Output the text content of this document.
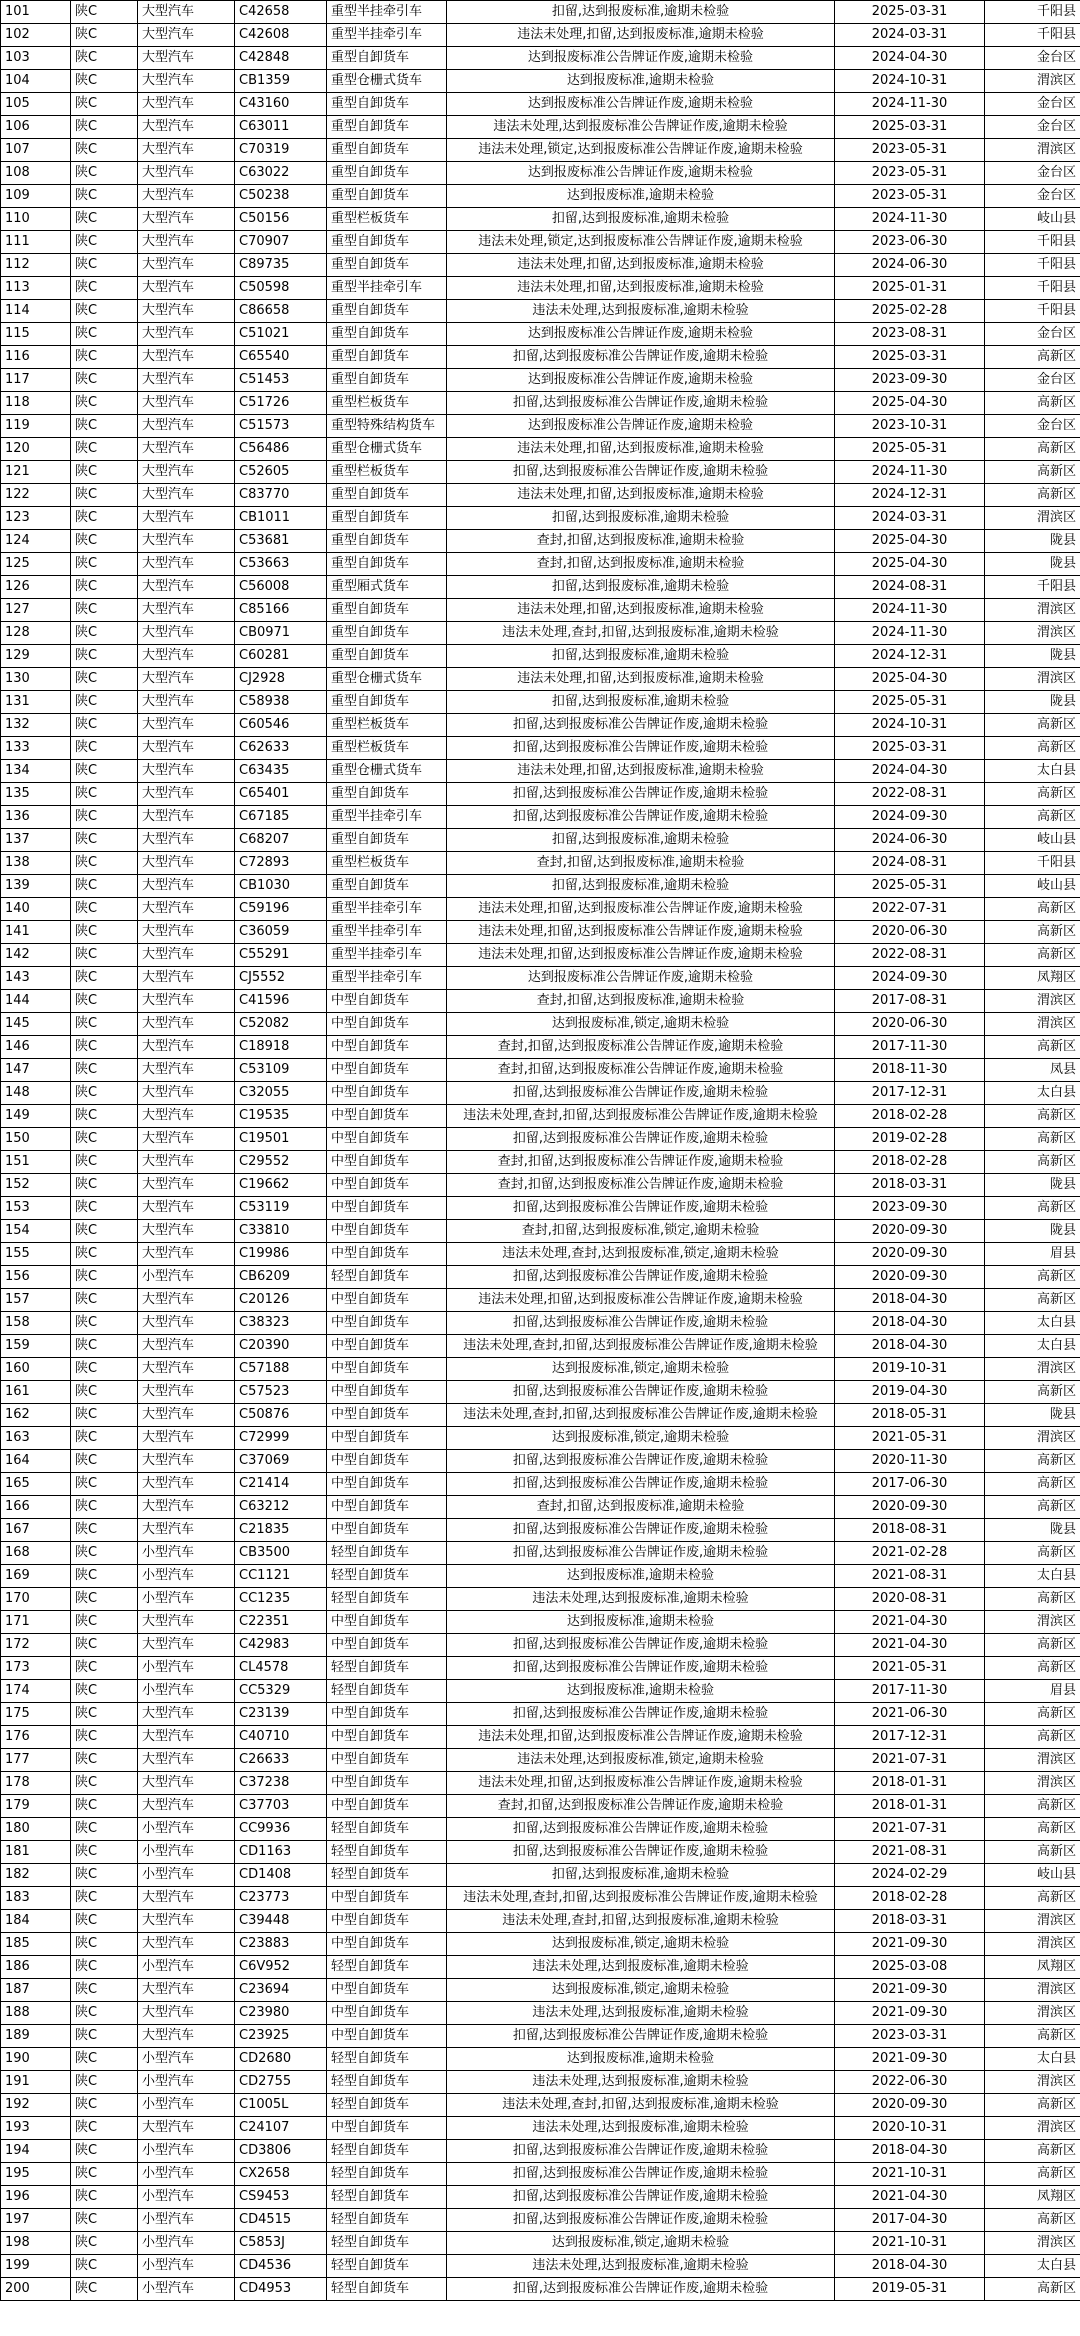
101	陕C	大型汽车	C42658	重型半挂牵引车	扣留,达到报废标准,逾期未检验	2025-03-31	千阳县
102	陕C	大型汽车	C42608	重型半挂牵引车	违法未处理,扣留,达到报废标准,逾期未检验	2024-03-31	千阳县
103	陕C	大型汽车	C42848	重型自卸货车	达到报废标准公告牌证作废,逾期未检验	2024-04-30	金台区
104	陕C	大型汽车	CB1359	重型仓栅式货车	达到报废标准,逾期未检验	2024-10-31	渭滨区
105	陕C	大型汽车	C43160	重型自卸货车	达到报废标准公告牌证作废,逾期未检验	2024-11-30	金台区
106	陕C	大型汽车	C63011	重型自卸货车	违法未处理,达到报废标准公告牌证作废,逾期未检验	2025-03-31	金台区
107	陕C	大型汽车	C70319	重型自卸货车	违法未处理,锁定,达到报废标准公告牌证作废,逾期未检验	2023-05-31	渭滨区
108	陕C	大型汽车	C63022	重型自卸货车	达到报废标准公告牌证作废,逾期未检验	2023-05-31	金台区
109	陕C	大型汽车	C50238	重型自卸货车	达到报废标准,逾期未检验	2023-05-31	金台区
110	陕C	大型汽车	C50156	重型栏板货车	扣留,达到报废标准,逾期未检验	2024-11-30	岐山县
111	陕C	大型汽车	C70907	重型自卸货车	违法未处理,锁定,达到报废标准公告牌证作废,逾期未检验	2023-06-30	千阳县
112	陕C	大型汽车	C89735	重型自卸货车	违法未处理,扣留,达到报废标准,逾期未检验	2024-06-30	千阳县
113	陕C	大型汽车	C50598	重型半挂牵引车	违法未处理,扣留,达到报废标准,逾期未检验	2025-01-31	千阳县
114	陕C	大型汽车	C86658	重型自卸货车	违法未处理,达到报废标准,逾期未检验	2025-02-28	千阳县
115	陕C	大型汽车	C51021	重型自卸货车	达到报废标准公告牌证作废,逾期未检验	2023-08-31	金台区
116	陕C	大型汽车	C65540	重型自卸货车	扣留,达到报废标准公告牌证作废,逾期未检验	2025-03-31	高新区
117	陕C	大型汽车	C51453	重型自卸货车	达到报废标准公告牌证作废,逾期未检验	2023-09-30	金台区
118	陕C	大型汽车	C51726	重型栏板货车	扣留,达到报废标准公告牌证作废,逾期未检验	2025-04-30	高新区
119	陕C	大型汽车	C51573	重型特殊结构货车	达到报废标准公告牌证作废,逾期未检验	2023-10-31	金台区
120	陕C	大型汽车	C56486	重型仓栅式货车	违法未处理,扣留,达到报废标准,逾期未检验	2025-05-31	高新区
121	陕C	大型汽车	C52605	重型栏板货车	扣留,达到报废标准公告牌证作废,逾期未检验	2024-11-30	高新区
122	陕C	大型汽车	C83770	重型自卸货车	违法未处理,扣留,达到报废标准,逾期未检验	2024-12-31	高新区
123	陕C	大型汽车	CB1011	重型自卸货车	扣留,达到报废标准,逾期未检验	2024-03-31	渭滨区
124	陕C	大型汽车	C53681	重型自卸货车	查封,扣留,达到报废标准,逾期未检验	2025-04-30	陇县
125	陕C	大型汽车	C53663	重型自卸货车	查封,扣留,达到报废标准,逾期未检验	2025-04-30	陇县
126	陕C	大型汽车	C56008	重型厢式货车	扣留,达到报废标准,逾期未检验	2024-08-31	千阳县
127	陕C	大型汽车	C85166	重型自卸货车	违法未处理,扣留,达到报废标准,逾期未检验	2024-11-30	渭滨区
128	陕C	大型汽车	CB0971	重型自卸货车	违法未处理,查封,扣留,达到报废标准,逾期未检验	2024-11-30	渭滨区
129	陕C	大型汽车	C60281	重型自卸货车	扣留,达到报废标准,逾期未检验	2024-12-31	陇县
130	陕C	大型汽车	CJ2928	重型仓栅式货车	违法未处理,扣留,达到报废标准,逾期未检验	2025-04-30	渭滨区
131	陕C	大型汽车	C58938	重型自卸货车	扣留,达到报废标准,逾期未检验	2025-05-31	陇县
132	陕C	大型汽车	C60546	重型栏板货车	扣留,达到报废标准公告牌证作废,逾期未检验	2024-10-31	高新区
133	陕C	大型汽车	C62633	重型栏板货车	扣留,达到报废标准公告牌证作废,逾期未检验	2025-03-31	高新区
134	陕C	大型汽车	C63435	重型仓栅式货车	违法未处理,扣留,达到报废标准,逾期未检验	2024-04-30	太白县
135	陕C	大型汽车	C65401	重型自卸货车	扣留,达到报废标准公告牌证作废,逾期未检验	2022-08-31	高新区
136	陕C	大型汽车	C67185	重型半挂牵引车	扣留,达到报废标准公告牌证作废,逾期未检验	2024-09-30	高新区
137	陕C	大型汽车	C68207	重型自卸货车	扣留,达到报废标准,逾期未检验	2024-06-30	岐山县
138	陕C	大型汽车	C72893	重型栏板货车	查封,扣留,达到报废标准,逾期未检验	2024-08-31	千阳县
139	陕C	大型汽车	CB1030	重型自卸货车	扣留,达到报废标准,逾期未检验	2025-05-31	岐山县
140	陕C	大型汽车	C59196	重型半挂牵引车	违法未处理,扣留,达到报废标准公告牌证作废,逾期未检验	2022-07-31	高新区
141	陕C	大型汽车	C36059	重型半挂牵引车	违法未处理,扣留,达到报废标准公告牌证作废,逾期未检验	2020-06-30	高新区
142	陕C	大型汽车	C55291	重型半挂牵引车	违法未处理,扣留,达到报废标准公告牌证作废,逾期未检验	2022-08-31	高新区
143	陕C	大型汽车	CJ5552	重型半挂牵引车	达到报废标准公告牌证作废,逾期未检验	2024-09-30	凤翔区
144	陕C	大型汽车	C41596	中型自卸货车	查封,扣留,达到报废标准,逾期未检验	2017-08-31	渭滨区
145	陕C	大型汽车	C52082	中型自卸货车	达到报废标准,锁定,逾期未检验	2020-06-30	渭滨区
146	陕C	大型汽车	C18918	中型自卸货车	查封,扣留,达到报废标准公告牌证作废,逾期未检验	2017-11-30	高新区
147	陕C	大型汽车	C53109	中型自卸货车	查封,扣留,达到报废标准公告牌证作废,逾期未检验	2018-11-30	凤县
148	陕C	大型汽车	C32055	中型自卸货车	扣留,达到报废标准公告牌证作废,逾期未检验	2017-12-31	太白县
149	陕C	大型汽车	C19535	中型自卸货车	违法未处理,查封,扣留,达到报废标准公告牌证作废,逾期未检验	2018-02-28	高新区
150	陕C	大型汽车	C19501	中型自卸货车	扣留,达到报废标准公告牌证作废,逾期未检验	2019-02-28	高新区
151	陕C	大型汽车	C29552	中型自卸货车	查封,扣留,达到报废标准公告牌证作废,逾期未检验	2018-02-28	高新区
152	陕C	大型汽车	C19662	中型自卸货车	查封,扣留,达到报废标准公告牌证作废,逾期未检验	2018-03-31	陇县
153	陕C	大型汽车	C53119	中型自卸货车	扣留,达到报废标准公告牌证作废,逾期未检验	2023-09-30	高新区
154	陕C	大型汽车	C33810	中型自卸货车	查封,扣留,达到报废标准,锁定,逾期未检验	2020-09-30	陇县
155	陕C	大型汽车	C19986	中型自卸货车	违法未处理,查封,达到报废标准,锁定,逾期未检验	2020-09-30	眉县
156	陕C	小型汽车	CB6209	轻型自卸货车	扣留,达到报废标准公告牌证作废,逾期未检验	2020-09-30	高新区
157	陕C	大型汽车	C20126	中型自卸货车	违法未处理,扣留,达到报废标准公告牌证作废,逾期未检验	2018-04-30	高新区
158	陕C	大型汽车	C38323	中型自卸货车	扣留,达到报废标准公告牌证作废,逾期未检验	2018-04-30	太白县
159	陕C	大型汽车	C20390	中型自卸货车	违法未处理,查封,扣留,达到报废标准公告牌证作废,逾期未检验	2018-04-30	太白县
160	陕C	大型汽车	C57188	中型自卸货车	达到报废标准,锁定,逾期未检验	2019-10-31	渭滨区
161	陕C	大型汽车	C57523	中型自卸货车	扣留,达到报废标准公告牌证作废,逾期未检验	2019-04-30	高新区
162	陕C	大型汽车	C50876	中型自卸货车	违法未处理,查封,扣留,达到报废标准公告牌证作废,逾期未检验	2018-05-31	陇县
163	陕C	大型汽车	C72999	中型自卸货车	达到报废标准,锁定,逾期未检验	2021-05-31	渭滨区
164	陕C	大型汽车	C37069	中型自卸货车	扣留,达到报废标准公告牌证作废,逾期未检验	2020-11-30	高新区
165	陕C	大型汽车	C21414	中型自卸货车	扣留,达到报废标准公告牌证作废,逾期未检验	2017-06-30	高新区
166	陕C	大型汽车	C63212	中型自卸货车	查封,扣留,达到报废标准,逾期未检验	2020-09-30	高新区
167	陕C	大型汽车	C21835	中型自卸货车	扣留,达到报废标准公告牌证作废,逾期未检验	2018-08-31	陇县
168	陕C	小型汽车	CB3500	轻型自卸货车	扣留,达到报废标准公告牌证作废,逾期未检验	2021-02-28	高新区
169	陕C	小型汽车	CC1121	轻型自卸货车	达到报废标准,逾期未检验	2021-08-31	太白县
170	陕C	小型汽车	CC1235	轻型自卸货车	违法未处理,达到报废标准,逾期未检验	2020-08-31	高新区
171	陕C	大型汽车	C22351	中型自卸货车	达到报废标准,逾期未检验	2021-04-30	渭滨区
172	陕C	大型汽车	C42983	中型自卸货车	扣留,达到报废标准公告牌证作废,逾期未检验	2021-04-30	高新区
173	陕C	小型汽车	CL4578	轻型自卸货车	扣留,达到报废标准公告牌证作废,逾期未检验	2021-05-31	高新区
174	陕C	小型汽车	CC5329	轻型自卸货车	达到报废标准,逾期未检验	2017-11-30	眉县
175	陕C	大型汽车	C23139	中型自卸货车	扣留,达到报废标准公告牌证作废,逾期未检验	2021-06-30	高新区
176	陕C	大型汽车	C40710	中型自卸货车	违法未处理,扣留,达到报废标准公告牌证作废,逾期未检验	2017-12-31	高新区
177	陕C	大型汽车	C26633	中型自卸货车	违法未处理,达到报废标准,锁定,逾期未检验	2021-07-31	渭滨区
178	陕C	大型汽车	C37238	中型自卸货车	违法未处理,扣留,达到报废标准公告牌证作废,逾期未检验	2018-01-31	渭滨区
179	陕C	大型汽车	C37703	中型自卸货车	查封,扣留,达到报废标准公告牌证作废,逾期未检验	2018-01-31	高新区
180	陕C	小型汽车	CC9936	轻型自卸货车	扣留,达到报废标准公告牌证作废,逾期未检验	2021-07-31	高新区
181	陕C	小型汽车	CD1163	轻型自卸货车	扣留,达到报废标准公告牌证作废,逾期未检验	2021-08-31	高新区
182	陕C	小型汽车	CD1408	轻型自卸货车	扣留,达到报废标准,逾期未检验	2024-02-29	岐山县
183	陕C	大型汽车	C23773	中型自卸货车	违法未处理,查封,扣留,达到报废标准公告牌证作废,逾期未检验	2018-02-28	高新区
184	陕C	大型汽车	C39448	中型自卸货车	违法未处理,查封,扣留,达到报废标准,逾期未检验	2018-03-31	渭滨区
185	陕C	大型汽车	C23883	中型自卸货车	达到报废标准,锁定,逾期未检验	2021-09-30	渭滨区
186	陕C	小型汽车	C6V952	轻型自卸货车	违法未处理,达到报废标准,逾期未检验	2025-03-08	凤翔区
187	陕C	大型汽车	C23694	中型自卸货车	达到报废标准,锁定,逾期未检验	2021-09-30	渭滨区
188	陕C	大型汽车	C23980	中型自卸货车	违法未处理,达到报废标准,逾期未检验	2021-09-30	渭滨区
189	陕C	大型汽车	C23925	中型自卸货车	扣留,达到报废标准公告牌证作废,逾期未检验	2023-03-31	高新区
190	陕C	小型汽车	CD2680	轻型自卸货车	达到报废标准,逾期未检验	2021-09-30	太白县
191	陕C	小型汽车	CD2755	轻型自卸货车	违法未处理,达到报废标准,逾期未检验	2022-06-30	渭滨区
192	陕C	小型汽车	C1005L	轻型自卸货车	违法未处理,查封,扣留,达到报废标准,逾期未检验	2020-09-30	高新区
193	陕C	大型汽车	C24107	中型自卸货车	违法未处理,达到报废标准,逾期未检验	2020-10-31	渭滨区
194	陕C	小型汽车	CD3806	轻型自卸货车	扣留,达到报废标准公告牌证作废,逾期未检验	2018-04-30	高新区
195	陕C	小型汽车	CX2658	轻型自卸货车	扣留,达到报废标准公告牌证作废,逾期未检验	2021-10-31	高新区
196	陕C	小型汽车	CS9453	轻型自卸货车	扣留,达到报废标准公告牌证作废,逾期未检验	2021-04-30	凤翔区
197	陕C	小型汽车	CD4515	轻型自卸货车	扣留,达到报废标准公告牌证作废,逾期未检验	2017-04-30	高新区
198	陕C	小型汽车	C5853J	轻型自卸货车	达到报废标准,锁定,逾期未检验	2021-10-31	渭滨区
199	陕C	小型汽车	CD4536	轻型自卸货车	违法未处理,达到报废标准,逾期未检验	2018-04-30	太白县
200	陕C	小型汽车	CD4953	轻型自卸货车	扣留,达到报废标准公告牌证作废,逾期未检验	2019-05-31	高新区
